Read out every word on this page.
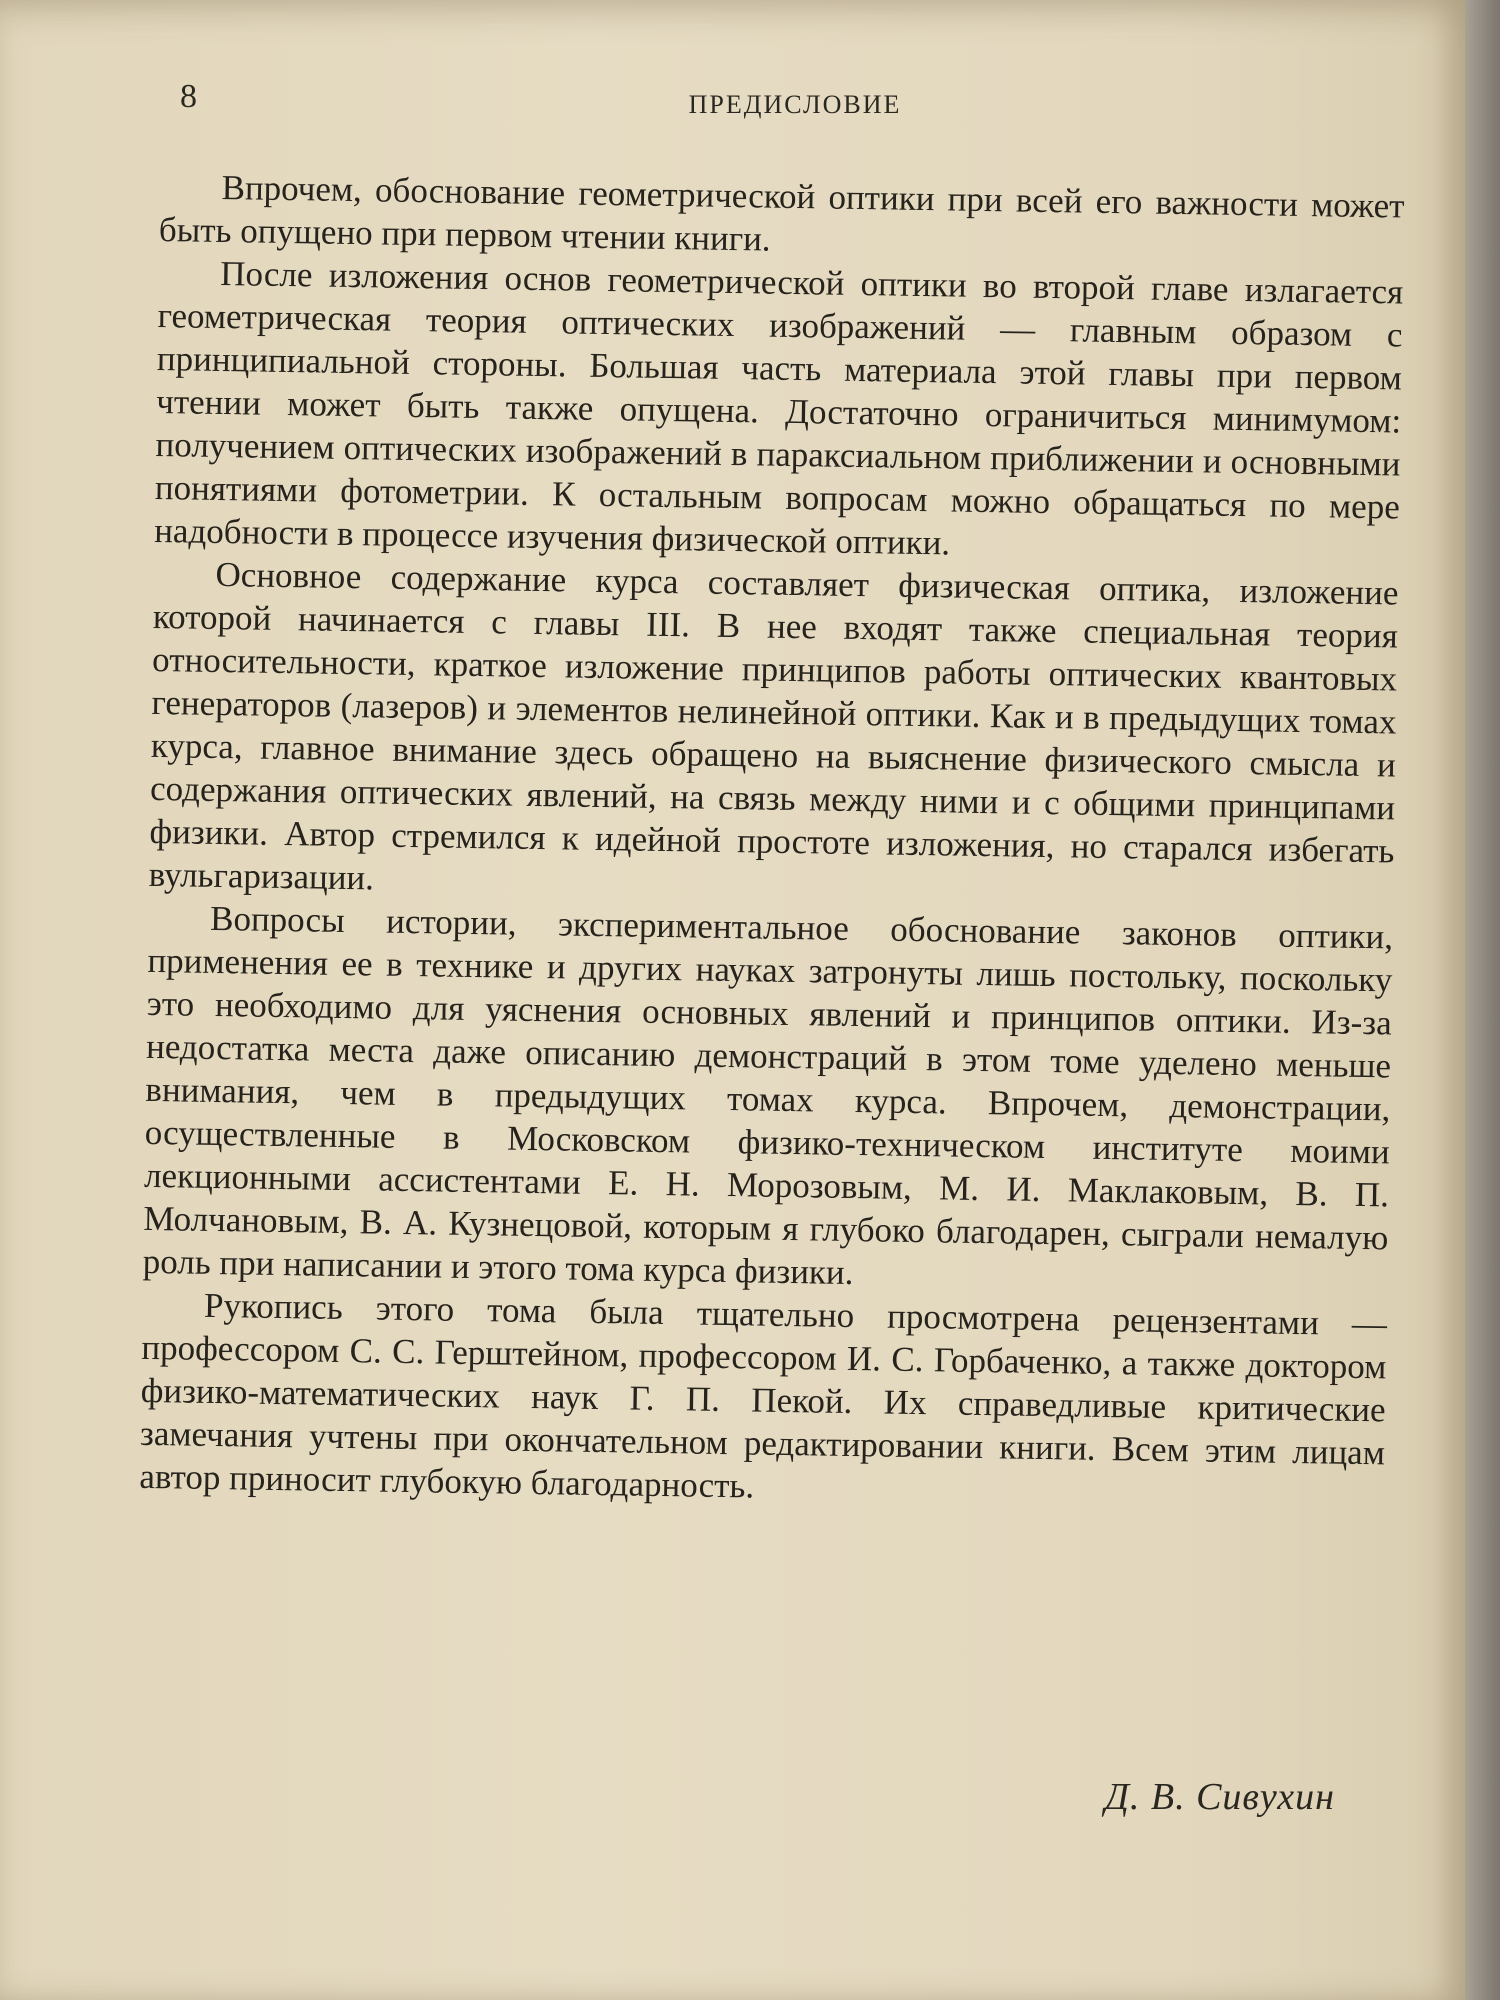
8	ПРЕДИСЛОВИЕ

Впрочем, обоснование геометрической оптики при всей его важности может быть опущено при первом чтении книги.

После изложения основ геометрической оптики во второй главе излагается геометрическая теория оптических изображений — главным образом с принципиальной стороны. Большая часть материала этой главы при первом чтении может быть также опущена. Достаточно ограничиться минимумом: получением оптических изображений в параксиальном приближении и основными понятиями фотометрии. К остальным вопросам можно обращаться по мере надобности в процессе изучения физической оптики.

Основное содержание курса составляет физическая оптика, изложение которой начинается с главы III. В нее входят также специальная теория относительности, краткое изложение принципов работы оптических квантовых генераторов (лазеров) и элементов нелинейной оптики. Как и в предыдущих томах курса, главное внимание здесь обращено на выяснение физического смысла и содержания оптических явлений, на связь между ними и с общими принципами физики. Автор стремился к идейной простоте изложения, но старался избегать вульгаризации.

Вопросы истории, экспериментальное обоснование законов оптики, применения ее в технике и других науках затронуты лишь постольку, поскольку это необходимо для уяснения основных явлений и принципов оптики. Из-за недостатка места даже описанию демонстраций в этом томе уделено меньше внимания, чем в предыдущих томах курса. Впрочем, демонстрации, осуществленные в Московском физико-техническом институте моими лекционными ассистентами Е. Н. Морозовым, М. И. Маклаковым, В. П. Молчановым, В. А. Кузнецовой, которым я глубоко благодарен, сыграли немалую роль при написании и этого тома курса физики.

Рукопись этого тома была тщательно просмотрена рецензентами — профессором С. С. Герштейном, профессором И. С. Горбаченко, а также доктором физико-математических наук Г. П. Пекой. Их справедливые критические замечания учтены при окончательном редактировании книги. Всем этим лицам автор приносит глубокую благодарность.

Д. В. Сивухин
